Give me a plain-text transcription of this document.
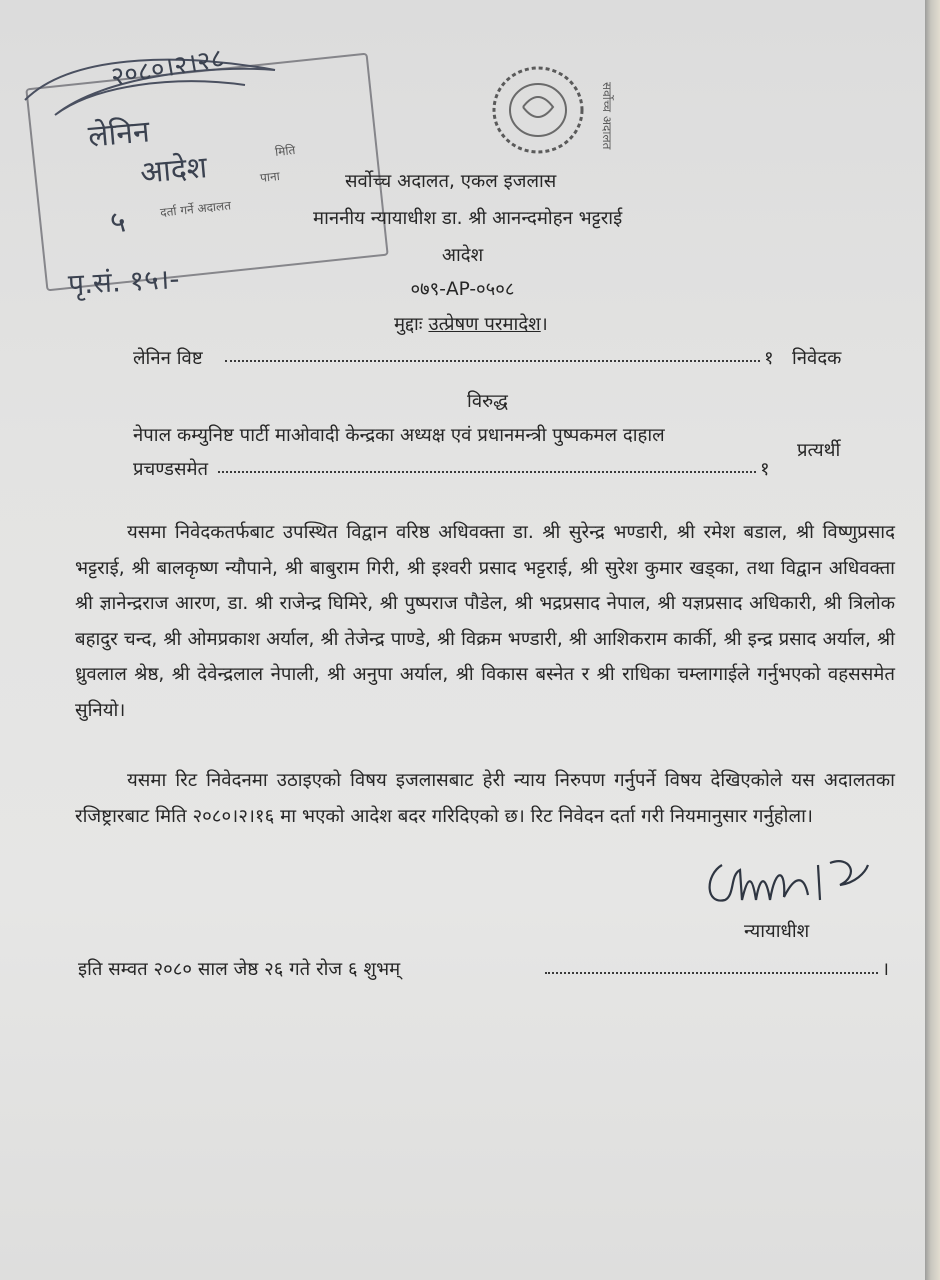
२०८०।२।२८
लेनिन
आदेश
५
पृ.सं. १५।-
पाना
दर्ता गर्ने अदालत
मिति
सर्वोच्च अदालत
सर्वोच्च अदालत, एकल इजलास
माननीय न्यायाधीश डा. श्री आनन्दमोहन भट्टराई
आदेश
०७९-AP-०५०८
मुद्दाः उत्प्रेषण परमादेश।
लेनिन विष्ट	१ निवेदक
विरुद्ध
नेपाल कम्युनिष्ट पार्टी माओवादी केन्द्रका अध्यक्ष एवं प्रधानमन्त्री पुष्पकमल दाहाल
प्रचण्डसमेत	१
प्रत्यर्थी
यसमा निवेदकतर्फबाट उपस्थित विद्वान वरिष्ठ अधिवक्ता डा. श्री सुरेन्द्र भण्डारी, श्री रमेश बडाल, श्री विष्णुप्रसाद भट्टराई, श्री बालकृष्ण न्यौपाने, श्री बाबुराम गिरी, श्री इश्वरी प्रसाद भट्टराई, श्री सुरेश कुमार खड्का, तथा विद्वान अधिवक्ता श्री ज्ञानेन्द्रराज आरण, डा. श्री राजेन्द्र घिमिरे, श्री पुष्पराज पौडेल, श्री भद्रप्रसाद नेपाल, श्री यज्ञप्रसाद अधिकारी, श्री त्रिलोक बहादुर चन्द, श्री ओमप्रकाश अर्याल, श्री तेजेन्द्र पाण्डे, श्री विक्रम भण्डारी, श्री आशिकराम कार्की, श्री इन्द्र प्रसाद अर्याल, श्री ध्रुवलाल श्रेष्ठ, श्री देवेन्द्रलाल नेपाली, श्री अनुपा अर्याल, श्री विकास बस्नेत र श्री राधिका चम्लागाईले गर्नुभएको वहससमेत सुनियो।
यसमा रिट निवेदनमा उठाइएको विषय इजलासबाट हेरी न्याय निरुपण गर्नुपर्ने विषय देखिएकोले यस अदालतका रजिष्ट्रारबाट मिति २०८०।२।१६ मा भएको आदेश बदर गरिदिएको छ। रिट निवेदन दर्ता गरी नियमानुसार गर्नुहोला।
न्यायाधीश
इति सम्वत २०८० साल जेष्ठ २६ गते रोज ६ शुभम्	।
